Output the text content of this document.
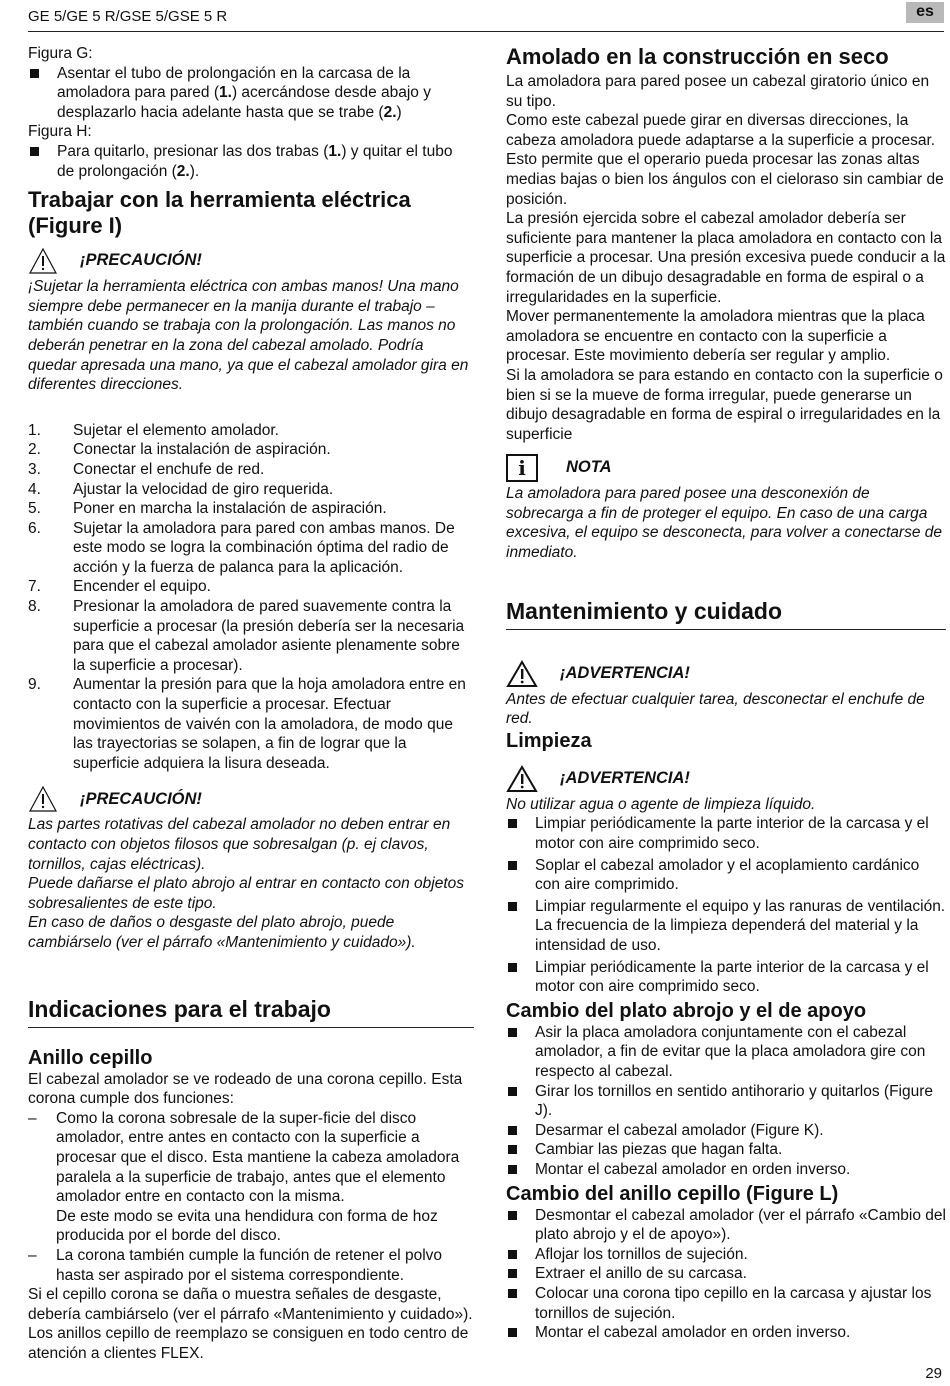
GE 5/GE 5 R/GSE 5/GSE 5 R	es

Figura G:

Asentar el tubo de prolongación en la carcasa de la amoladora para pared (1.) acercándose desde abajo y desplazarlo hacia adelante hasta que se trabe (2.)

Figura H:

Para quitarlo, presionar las dos trabas (1.) y quitar el tubo de prolongación (2.).

Trabajar con la herramienta eléctrica (Figure I)
¡PRECAUCIÓN!

¡Sujetar la herramienta eléctrica con ambas manos! Una mano siempre debe permanecer en la manija durante el trabajo – también cuando se trabaja con la prolongación. Las manos no deberán penetrar en la zona del cabezal amolado. Podría quedar apresada una mano, ya que el cabezal amolador gira en diferentes direcciones.

1.	Sujetar el elemento amolador.

2.	Conectar la instalación de aspiración.

3.	Conectar el enchufe de red.

4.	Ajustar la velocidad de giro requerida.

5.	Poner en marcha la instalación de aspiración.

6.	Sujetar la amoladora para pared con ambas manos. De este modo se logra la combinación óptima del radio de acción y la fuerza de palanca para la aplicación.

7.	Encender el equipo.

8.	Presionar la amoladora de pared suavemente contra la superficie a procesar (la presión debería ser la necesaria para que el cabezal amolador asiente plenamente sobre la superficie a procesar).

9.	Aumentar la presión para que la hoja amoladora entre en contacto con la superficie a procesar. Efectuar movimientos de vaivén con la amoladora, de modo que las trayectorias se solapen, a fin de lograr que la superficie adquiera la lisura deseada.

¡PRECAUCIÓN!

Las partes rotativas del cabezal amolador no deben entrar en contacto con objetos filosos que sobresalgan (p. ej clavos, tornillos, cajas eléctricas).

Puede dañarse el plato abrojo al entrar en contacto con objetos sobresalientes de este tipo.

En caso de daños o desgaste del plato abrojo, puede cambiárselo (ver el párrafo «Mantenimiento y cuidado»).

Indicaciones para el trabajo
Anillo cepillo

El cabezal amolador se ve rodeado de una corona cepillo. Esta corona cumple dos funciones:

–	Como la corona sobresale de la super-ficie del disco amolador, entre antes en contacto con la superficie a procesar que el disco. Esta mantiene la cabeza amoladora paralela a la superficie de trabajo, antes que el elemento amolador entre en contacto con la misma.

De este modo se evita una hendidura con forma de hoz producida por el borde del disco.

–	La corona también cumple la función de retener el polvo hasta ser aspirado por el sistema correspondiente.

Si el cepillo corona se daña o muestra señales de desgaste, debería cambiárselo (ver el párrafo «Mantenimiento y cuidado»). Los anillos cepillo de reemplazo se consiguen en todo centro de atención a clientes FLEX.

Amolado en la construcción en seco

La amoladora para pared posee un cabezal giratorio único en su tipo.

Como este cabezal puede girar en diversas direcciones, la cabeza amoladora puede adaptarse a la superficie a procesar. Esto permite que el operario pueda procesar las zonas altas medias bajas o bien los ángulos con el cieloraso sin cambiar de posición.

La presión ejercida sobre el cabezal amolador debería ser suficiente para mantener la placa amoladora en contacto con la superficie a procesar. Una presión excesiva puede conducir a la formación de un dibujo desagradable en forma de espiral o a irregularidades en la superficie.

Mover permanentemente la amoladora mientras que la placa amoladora se encuentre en contacto con la superficie a procesar. Este movimiento debería ser regular y amplio.

Si la amoladora se para estando en contacto con la superficie o bien si se la mueve de forma irregular, puede generarse un dibujo desagradable en forma de espiral o irregularidades en la superficie

i	NOTA

La amoladora para pared posee una desconexión de sobrecarga a fin de proteger el equipo. En caso de una carga excesiva, el equipo se desconecta, para volver a conectarse de inmediato.

Mantenimiento y cuidado
¡ADVERTENCIA!

Antes de efectuar cualquier tarea, desconectar el enchufe de red.

Limpieza
¡ADVERTENCIA!

No utilizar agua o agente de limpieza líquido.

Limpiar periódicamente la parte interior de la carcasa y el motor con aire comprimido seco.

Soplar el cabezal amolador y el acoplamiento cardánico con aire comprimido.

Limpiar regularmente el equipo y las ranuras de ventilación. La frecuencia de la limpieza dependerá del material y la intensidad de uso.

Limpiar periódicamente la parte interior de la carcasa y el motor con aire comprimido seco.

Cambio del plato abrojo y el de apoyo

Asir la placa amoladora conjuntamente con el cabezal amolador, a fin de evitar que la placa amoladora gire con respecto al cabezal.

Girar los tornillos en sentido antihorario y quitarlos (Figure J).

Desarmar el cabezal amolador (Figure K).

Cambiar las piezas que hagan falta.

Montar el cabezal amolador en orden inverso.

Cambio del anillo cepillo (Figure L)

Desmontar el cabezal amolador (ver el párrafo «Cambio del plato abrojo y el de apoyo»).

Aflojar los tornillos de sujeción.

Extraer el anillo de su carcasa.

Colocar una corona tipo cepillo en la carcasa y ajustar los tornillos de sujeción.

Montar el cabezal amolador en orden inverso.

29
